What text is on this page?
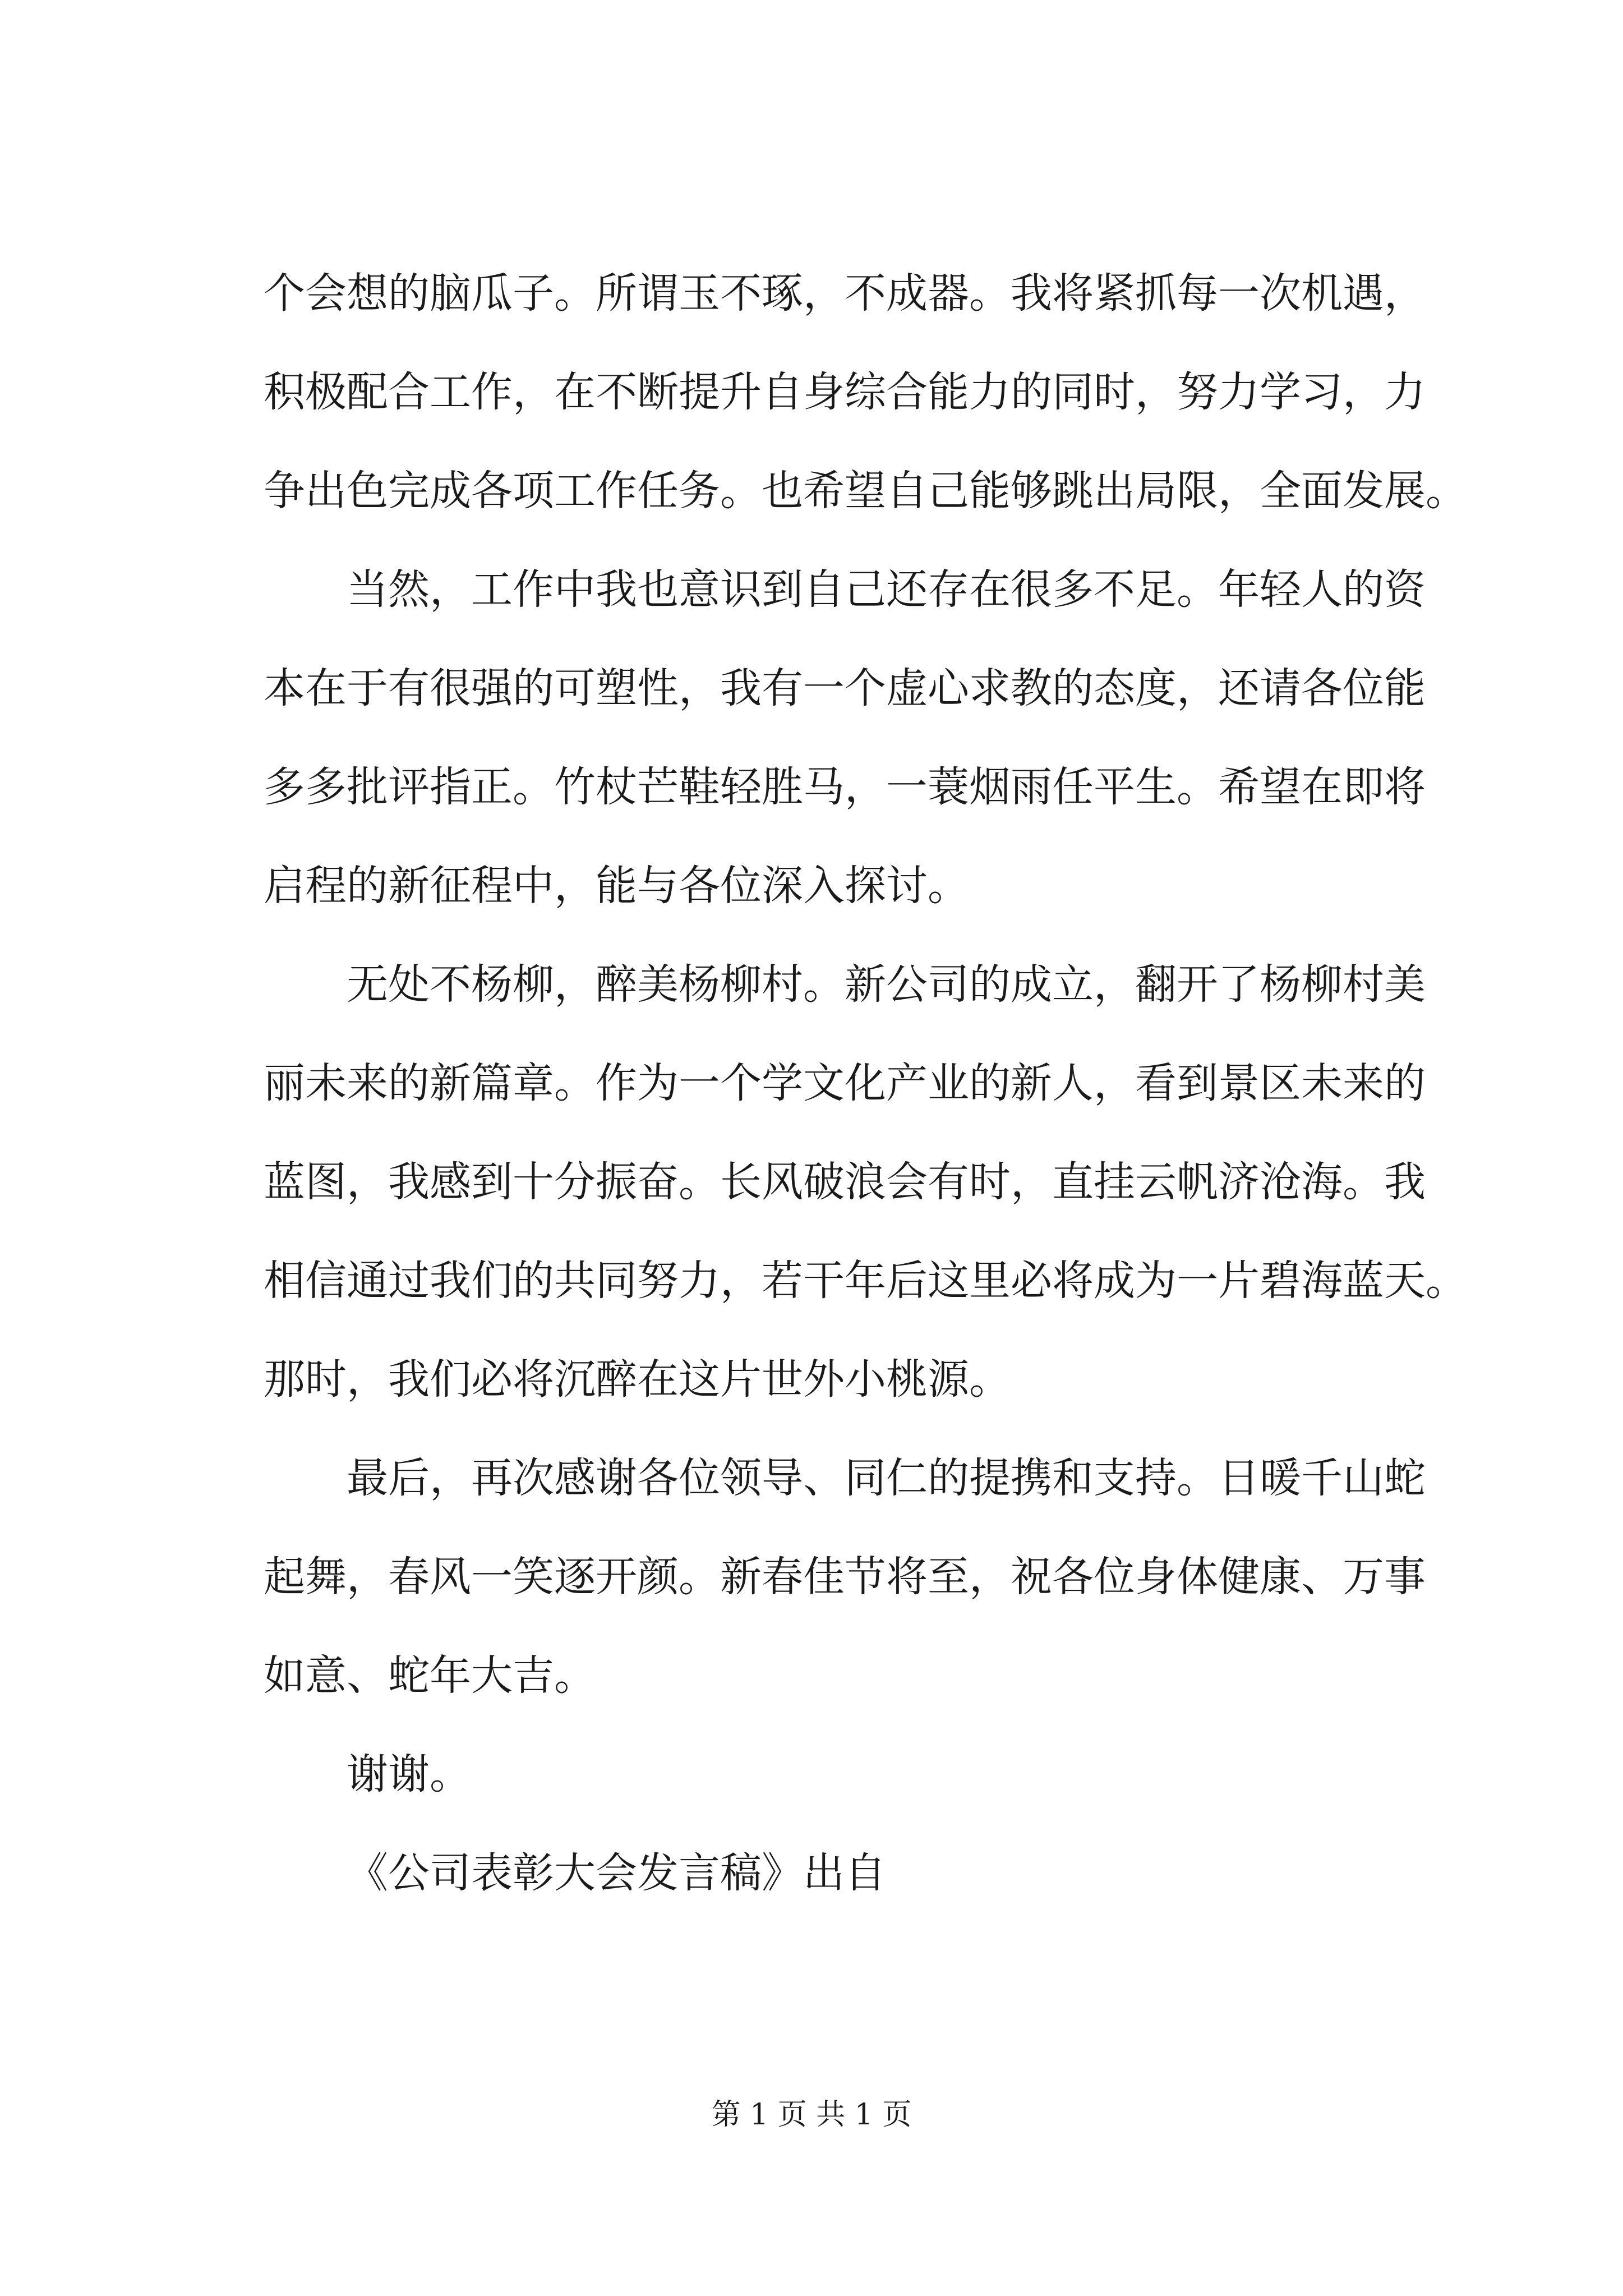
个会想的脑瓜子。所谓玉不琢，不成器。我将紧抓每一次机遇，
积极配合工作，在不断提升自身综合能力的同时，努力学习，力
争出色完成各项工作任务。也希望自己能够跳出局限，全面发展。
当然，工作中我也意识到自己还存在很多不足。年轻人的资
本在于有很强的可塑性，我有一个虚心求教的态度，还请各位能
多多批评指正。竹杖芒鞋轻胜马，一蓑烟雨任平生。希望在即将
启程的新征程中，能与各位深入探讨。
无处不杨柳，醉美杨柳村。新公司的成立，翻开了杨柳村美
丽未来的新篇章。作为一个学文化产业的新人，看到景区未来的
蓝图，我感到十分振奋。长风破浪会有时，直挂云帆济沧海。我
相信通过我们的共同努力，若干年后这里必将成为一片碧海蓝天。
那时，我们必将沉醉在这片世外小桃源。
最后，再次感谢各位领导、同仁的提携和支持。日暖千山蛇
起舞，春风一笑逐开颜。新春佳节将至，祝各位身体健康、万事
如意、蛇年大吉。
谢谢。
《公司表彰大会发言稿》出自
第 1 页 共 1 页
